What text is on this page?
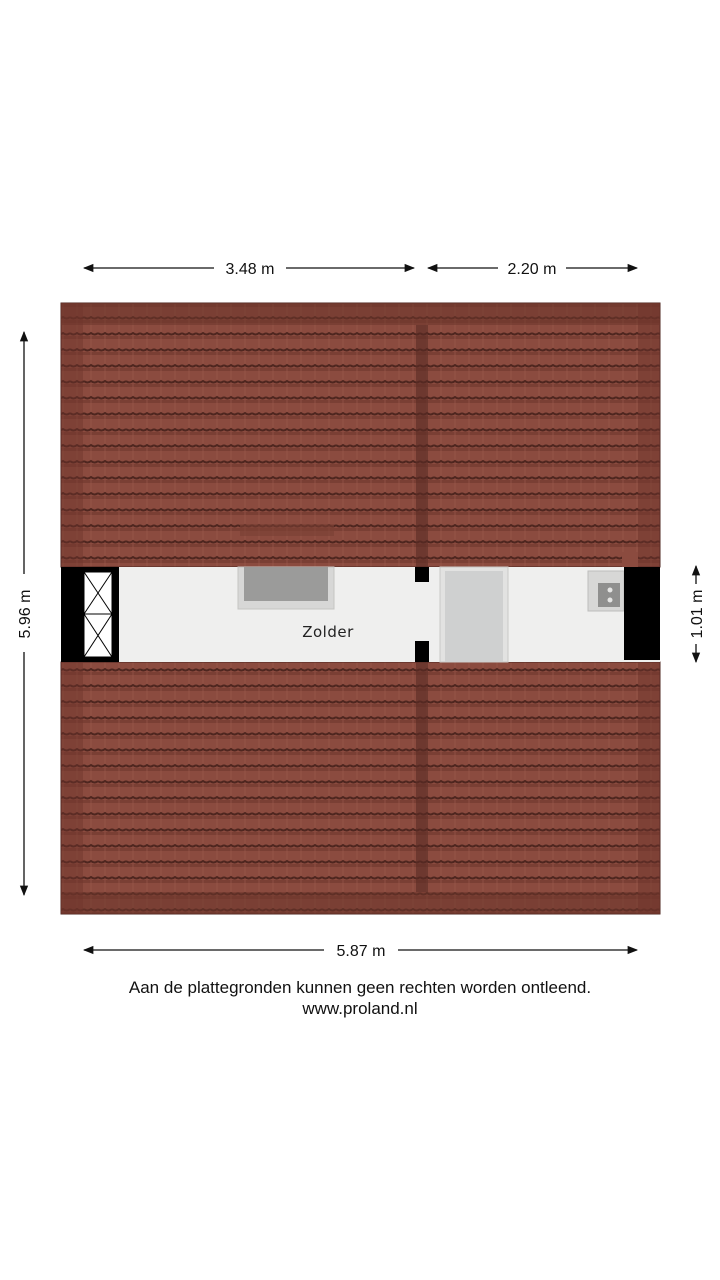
3.48 m	2.20 m
5.96 m	1.01 m
Zolder
5.87 m
Aan de plattegronden kunnen geen rechten worden ontleend.
www.proland.nl
